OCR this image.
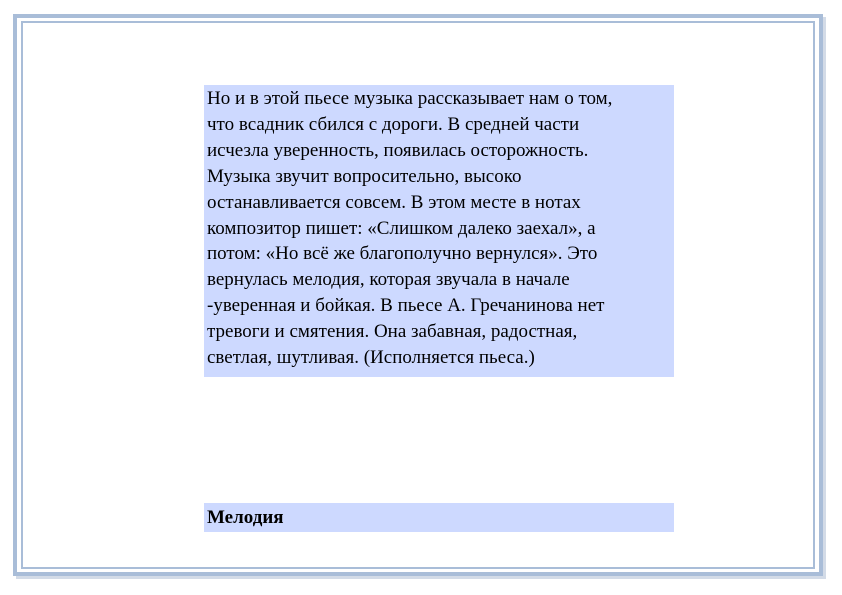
Но и в этой пьесе музыка рассказывает нам о том,
что всадник сбился с дороги. В средней части
исчезла уверенность, появилась осторожность.
Музыка звучит вопросительно, высоко
останавливается совсем. В этом месте в нотах
композитор пишет: «Слишком далеко заехал», а
потом: «Но всё же благополучно вернулся». Это
вернулась мелодия, которая звучала в начале
-уверенная и бойкая. В пьесе А. Гречанинова нет
тревоги и смятения. Она забавная, радостная,
светлая, шутливая. (Исполняется пьеса.)

Мелодия
